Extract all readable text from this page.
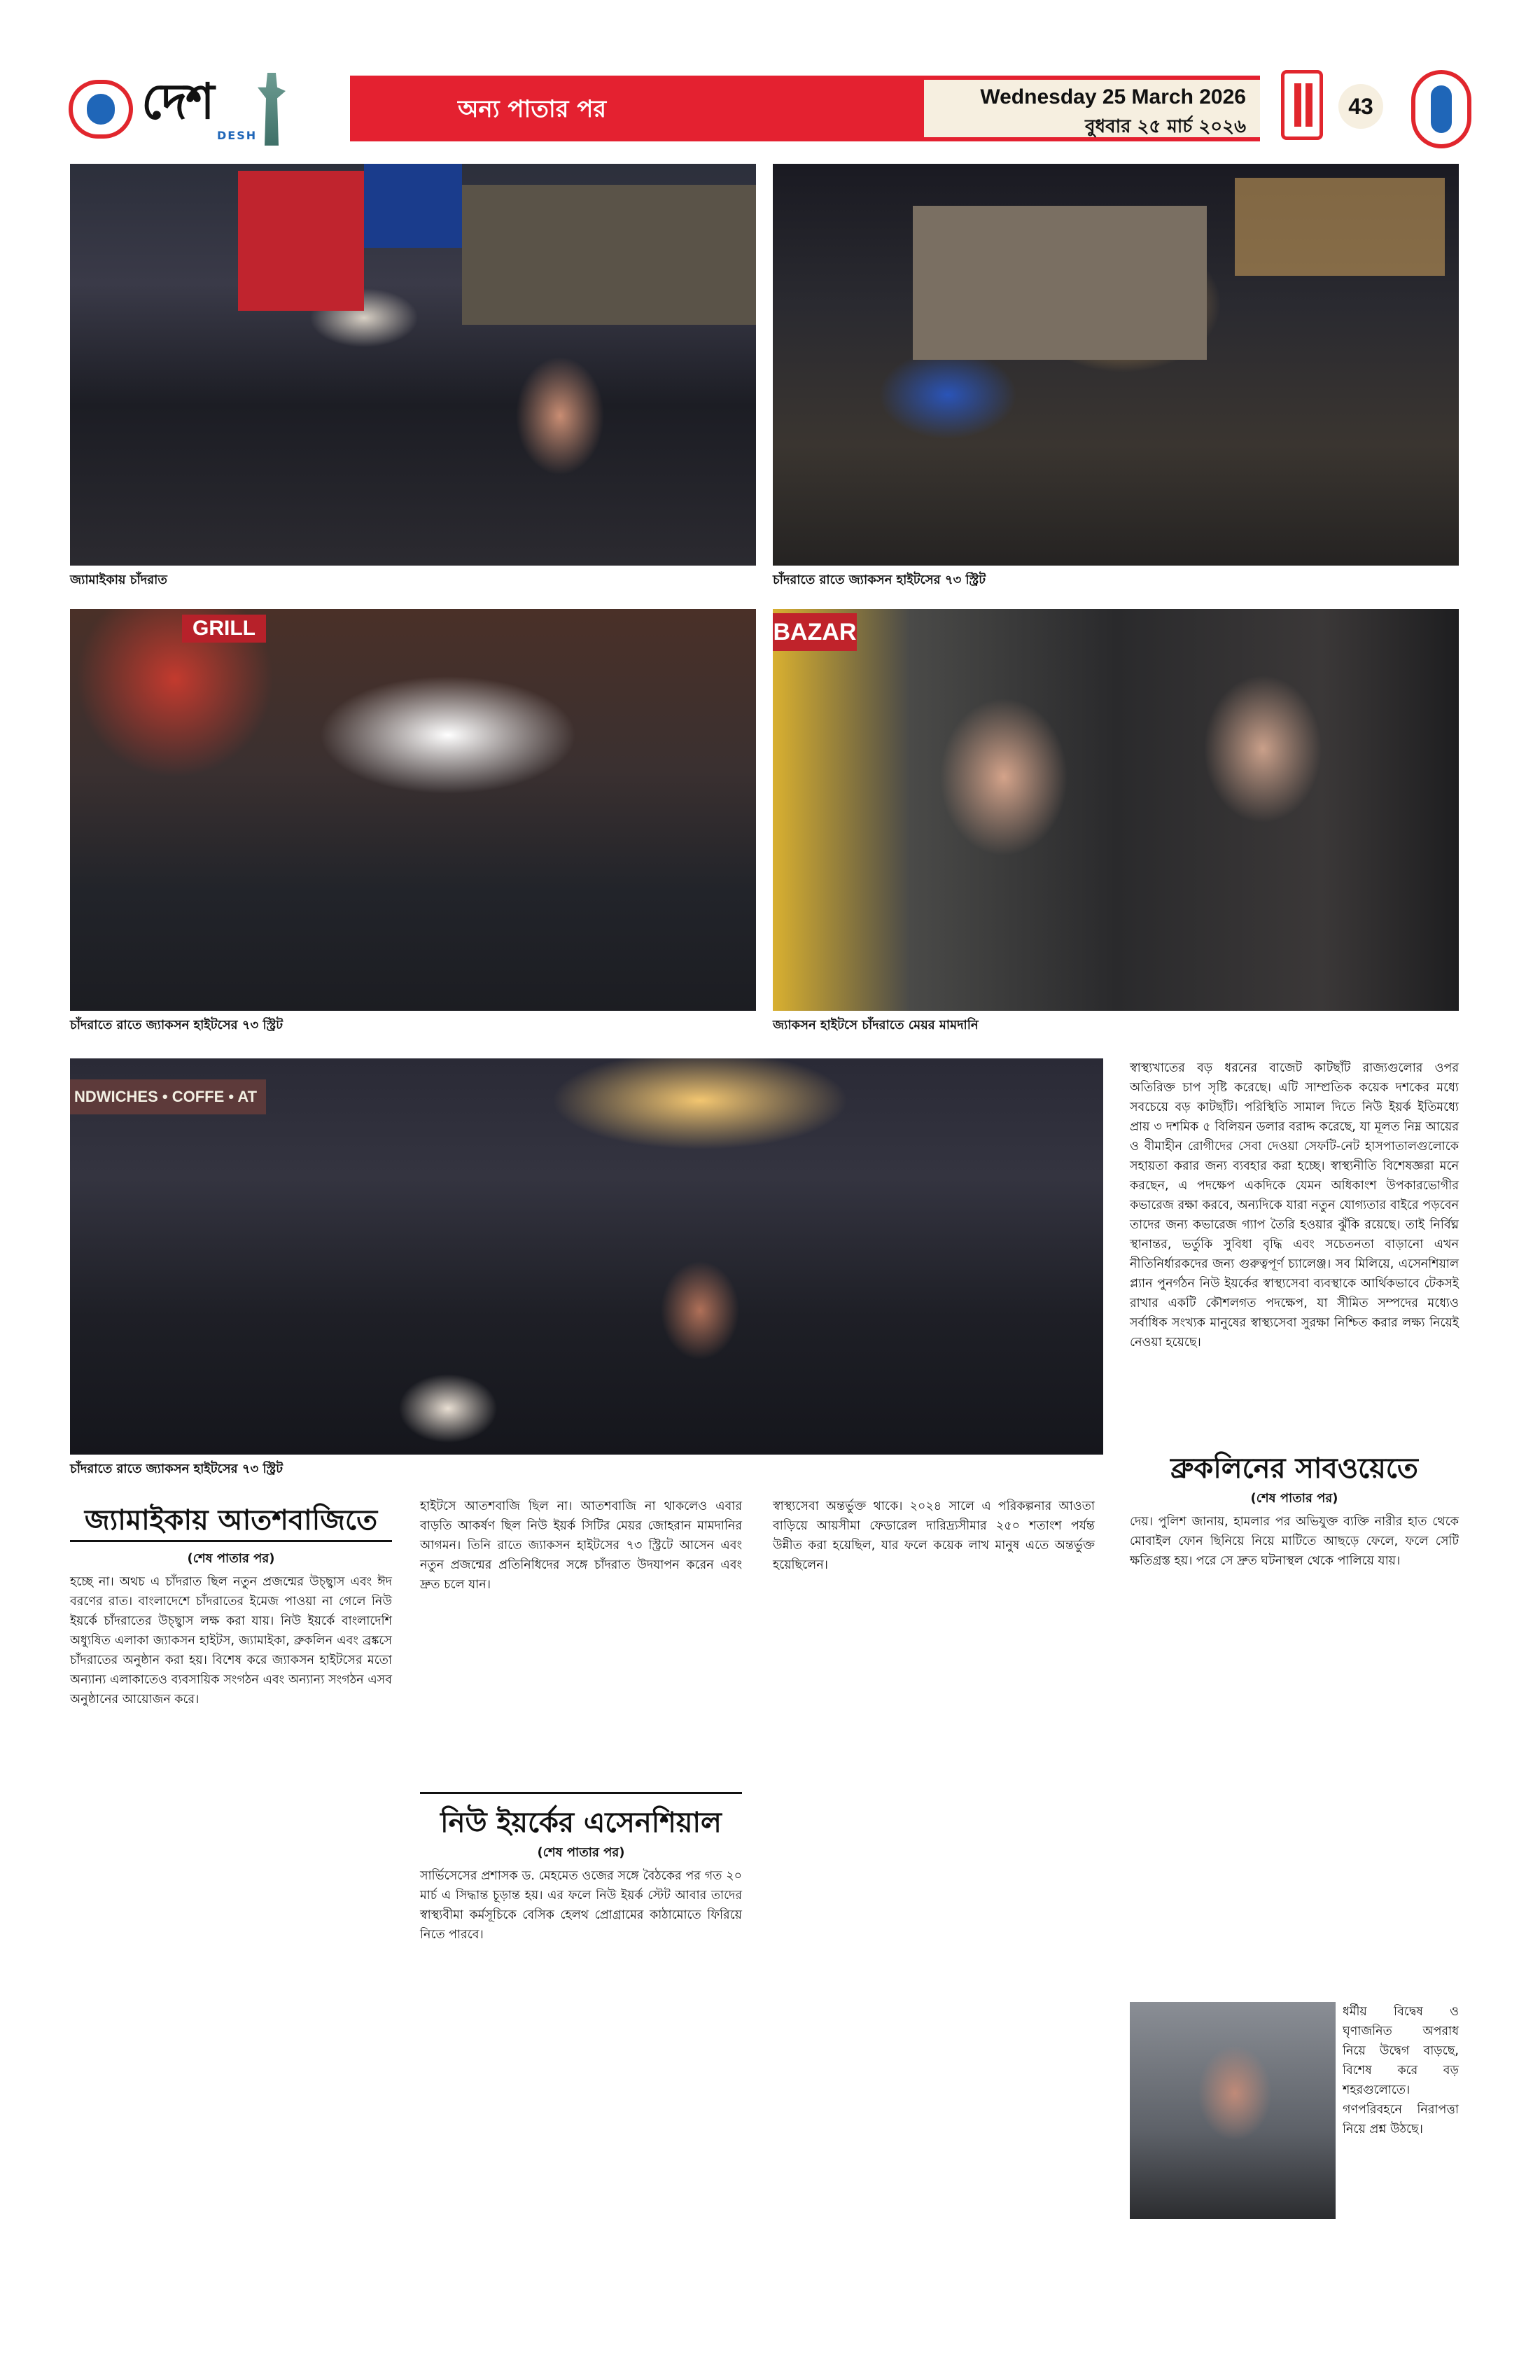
দেশ
DESH
অন্য পাতার পর	Wednesday 25 March 2026
বুধবার ২৫ মার্চ ২০২৬
43
জ্যামাইকায় চাঁদরাত	চাঁদরাতে রাতে জ্যাকসন হাইটসের ৭৩ স্ট্রিট
GRILL
চাঁদরাতে রাতে জ্যাকসন হাইটসের ৭৩ স্ট্রিট
BAZAR
জ্যাকসন হাইটসে চাঁদরাতে মেয়র মামদানি
NDWICHES • COFFE • AT
চাঁদরাতে রাতে জ্যাকসন হাইটসের ৭৩ স্ট্রিট
জ্যামাইকায় আতশবাজিতে
(শেষ পাতার পর)

হচ্ছে না। অথচ এ চাঁদরাত ছিল নতুন প্রজন্মের উচ্ছ্বাস এবং ঈদ বরণের রাত। বাংলাদেশে চাঁদরাতের ইমেজ পাওয়া না গেলে নিউ ইয়র্কে চাঁদরাতের উচ্ছ্বাস লক্ষ করা যায়। নিউ ইয়র্কে বাংলাদেশি অধ্যুষিত এলাকা জ্যাকসন হাইটস, জ্যামাইকা, ব্রুকলিন এবং ব্রঙ্কসে চাঁদরাতের অনুষ্ঠান করা হয়। বিশেষ করে জ্যাকসন হাইটসের মতো অন্যান্য এলাকাতেও ব্যবসায়িক সংগঠন এবং অন্যান্য সংগঠন এসব অনুষ্ঠানের আয়োজন করে।

হাইটসে আতশবাজি ছিল না। আতশবাজি না থাকলেও এবার বাড়তি আকর্ষণ ছিল নিউ ইয়র্ক সিটির মেয়র জোহরান মামদানির আগমন। তিনি রাতে জ্যাকসন হাইটসের ৭৩ স্ট্রিটে আসেন এবং নতুন প্রজন্মের প্রতিনিধিদের সঙ্গে চাঁদরাত উদযাপন করেন এবং দ্রুত চলে যান।

নিউ ইয়র্কের এসেনশিয়াল
(শেষ পাতার পর)

সার্ভিসেসের প্রশাসক ড. মেহমেত ওজের সঙ্গে বৈঠকের পর গত ২০ মার্চ এ সিদ্ধান্ত চূড়ান্ত হয়। এর ফলে নিউ ইয়র্ক স্টেট আবার তাদের স্বাস্থ্যবীমা কর্মসূচিকে বেসিক হেলথ প্রোগ্রামের কাঠামোতে ফিরিয়ে নিতে পারবে।

স্বাস্থ্যসেবা অন্তর্ভুক্ত থাকে। ২০২৪ সালে এ পরিকল্পনার আওতা বাড়িয়ে আয়সীমা ফেডারেল দারিদ্র্যসীমার ২৫০ শতাংশ পর্যন্ত উন্নীত করা হয়েছিল, যার ফলে কয়েক লাখ মানুষ এতে অন্তর্ভুক্ত হয়েছিলেন।

স্বাস্থ্যখাতের বড় ধরনের বাজেট কাটছাঁট রাজ্যগুলোর ওপর অতিরিক্ত চাপ সৃষ্টি করেছে। এটি সাম্প্রতিক কয়েক দশকের মধ্যে সবচেয়ে বড় কাটছাঁট। পরিস্থিতি সামাল দিতে নিউ ইয়র্ক ইতিমধ্যে প্রায় ৩ দশমিক ৫ বিলিয়ন ডলার বরাদ্দ করেছে, যা মূলত নিম্ন আয়ের ও বীমাহীন রোগীদের সেবা দেওয়া সেফটি-নেট হাসপাতালগুলোকে সহায়তা করার জন্য ব্যবহার করা হচ্ছে। স্বাস্থ্যনীতি বিশেষজ্ঞরা মনে করছেন, এ পদক্ষেপ একদিকে যেমন অধিকাংশ উপকারভোগীর কভারেজ রক্ষা করবে, অন্যদিকে যারা নতুন যোগ্যতার বাইরে পড়বেন তাদের জন্য কভারেজ গ্যাপ তৈরি হওয়ার ঝুঁকি রয়েছে। তাই নির্বিঘ্ন স্থানান্তর, ভর্তুকি সুবিধা বৃদ্ধি এবং সচেতনতা বাড়ানো এখন নীতিনির্ধারকদের জন্য গুরুত্বপূর্ণ চ্যালেঞ্জ। সব মিলিয়ে, এসেনশিয়াল প্ল্যান পুনর্গঠন নিউ ইয়র্কের স্বাস্থ্যসেবা ব্যবস্থাকে আর্থিকভাবে টেকসই রাখার একটি কৌশলগত পদক্ষেপ, যা সীমিত সম্পদের মধ্যেও সর্বাধিক সংখ্যক মানুষের স্বাস্থ্যসেবা সুরক্ষা নিশ্চিত করার লক্ষ্য নিয়েই নেওয়া হয়েছে।

ব্রুকলিনের সাবওয়েতে
(শেষ পাতার পর)

দেয়। পুলিশ জানায়, হামলার পর অভিযুক্ত ব্যক্তি নারীর হাত থেকে মোবাইল ফোন ছিনিয়ে নিয়ে মাটিতে আছড়ে ফেলে, ফলে সেটি ক্ষতিগ্রস্ত হয়। পরে সে দ্রুত ঘটনাস্থল থেকে পালিয়ে যায়।

ধর্মীয় বিদ্বেষ ও ঘৃণাজনিত অপরাধ নিয়ে উদ্বেগ বাড়ছে, বিশেষ করে বড় শহরগুলোতে। গণপরিবহনে নিরাপত্তা নিয়ে প্রশ্ন উঠছে।
